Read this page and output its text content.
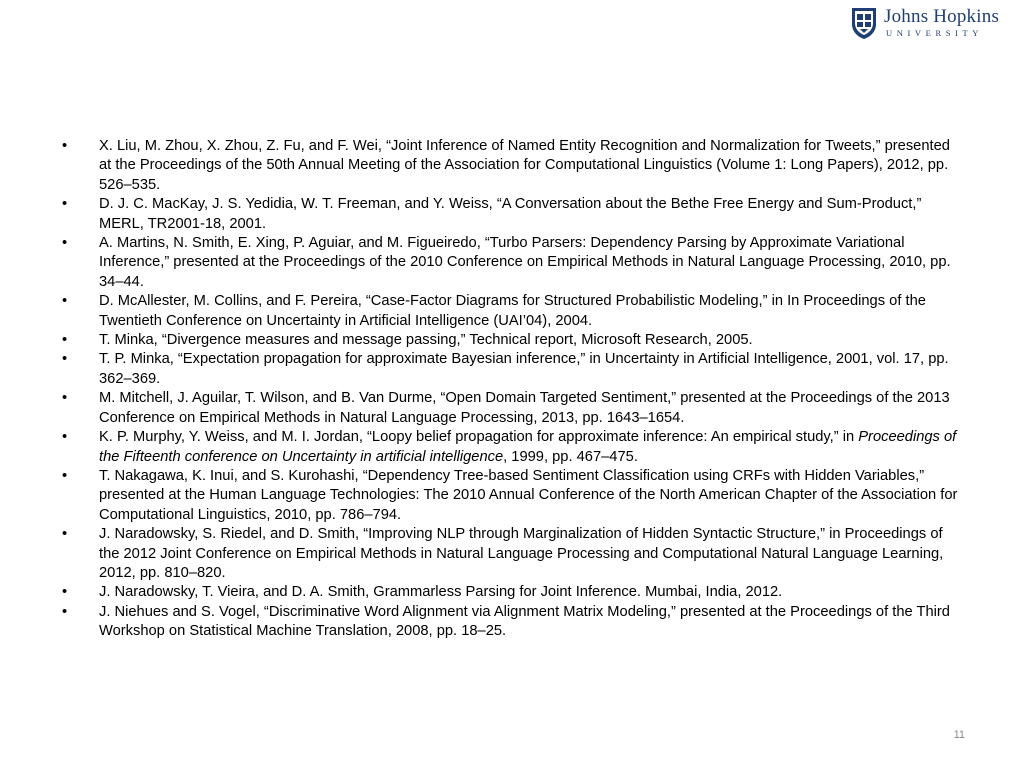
Johns Hopkins
UNIVERSITY
• X. Liu, M. Zhou, X. Zhou, Z. Fu, and F. Wei, “Joint Inference of Named Entity Recognition and Normalization for Tweets,” presented at the Proceedings of the 50th Annual Meeting of the Association for Computational Linguistics (Volume 1: Long Papers), 2012, pp. 526–535.
• D. J. C. MacKay, J. S. Yedidia, W. T. Freeman, and Y. Weiss, “A Conversation about the Bethe Free Energy and Sum-Product,” MERL, TR2001-18, 2001.
• A. Martins, N. Smith, E. Xing, P. Aguiar, and M. Figueiredo, “Turbo Parsers: Dependency Parsing by Approximate Variational Inference,” presented at the Proceedings of the 2010 Conference on Empirical Methods in Natural Language Processing, 2010, pp. 34–44.
• D. McAllester, M. Collins, and F. Pereira, “Case-Factor Diagrams for Structured Probabilistic Modeling,” in In Proceedings of the Twentieth Conference on Uncertainty in Artificial Intelligence (UAI’04), 2004.
• T. Minka, “Divergence measures and message passing,” Technical report, Microsoft Research, 2005.
• T. P. Minka, “Expectation propagation for approximate Bayesian inference,” in Uncertainty in Artificial Intelligence, 2001, vol. 17, pp. 362–369.
• M. Mitchell, J. Aguilar, T. Wilson, and B. Van Durme, “Open Domain Targeted Sentiment,” presented at the Proceedings of the 2013 Conference on Empirical Methods in Natural Language Processing, 2013, pp. 1643–1654.
• K. P. Murphy, Y. Weiss, and M. I. Jordan, “Loopy belief propagation for approximate inference: An empirical study,” in Proceedings of the Fifteenth conference on Uncertainty in artificial intelligence, 1999, pp. 467–475.
• T. Nakagawa, K. Inui, and S. Kurohashi, “Dependency Tree-based Sentiment Classification using CRFs with Hidden Variables,” presented at the Human Language Technologies: The 2010 Annual Conference of the North American Chapter of the Association for Computational Linguistics, 2010, pp. 786–794.
• J. Naradowsky, S. Riedel, and D. Smith, “Improving NLP through Marginalization of Hidden Syntactic Structure,” in Proceedings of the 2012 Joint Conference on Empirical Methods in Natural Language Processing and Computational Natural Language Learning, 2012, pp. 810–820.
• J. Naradowsky, T. Vieira, and D. A. Smith, Grammarless Parsing for Joint Inference. Mumbai, India, 2012.
• J. Niehues and S. Vogel, “Discriminative Word Alignment via Alignment Matrix Modeling,” presented at the Proceedings of the Third Workshop on Statistical Machine Translation, 2008, pp. 18–25.
11
